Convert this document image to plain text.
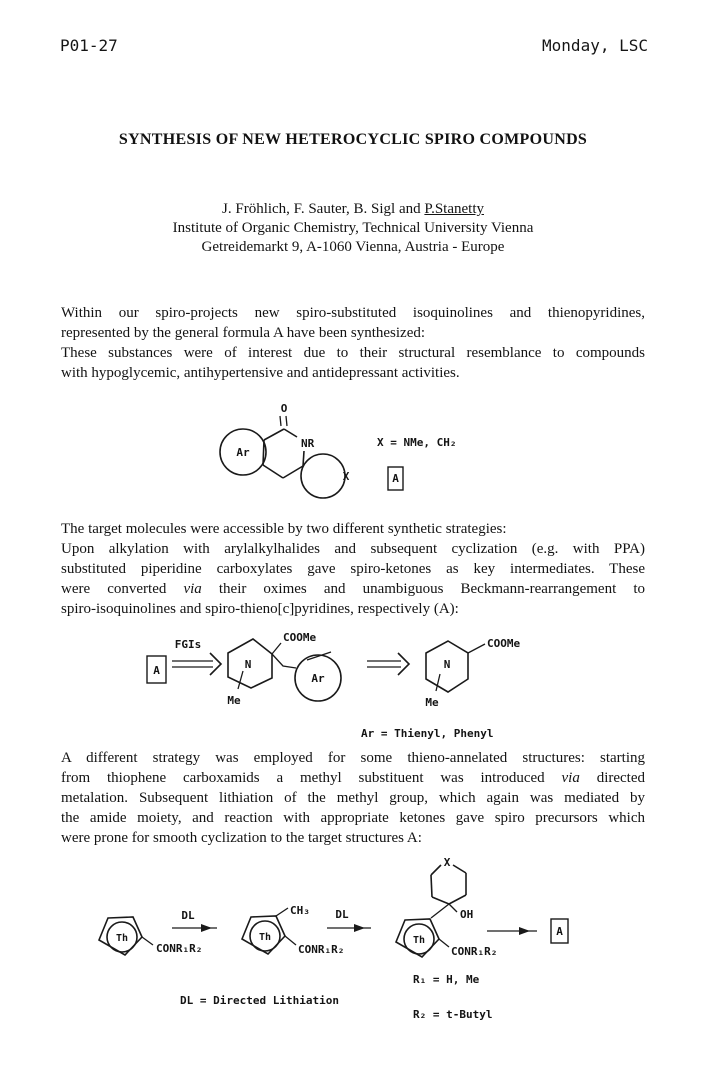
P01-27	Monday, LSC
SYNTHESIS OF NEW HETEROCYCLIC SPIRO COMPOUNDS
J. Fröhlich, F. Sauter, B. Sigl and P.Stanetty
Institute of Organic Chemistry, Technical University Vienna
Getreidemarkt 9, A-1060 Vienna, Austria - Europe
Within our spiro-projects new spiro-substituted isoquinolines and thienopyridines,
represented by the general formula A have been synthesized:
These substances were of interest due to their structural resemblance to compounds
with hypoglycemic, antihypertensive and antidepressant activities.
O
NR
Ar
X
X = NMe, CH₂
A
The target molecules were accessible by two different synthetic strategies:
Upon alkylation with arylalkylhalides and subsequent cyclization (e.g. with PPA)
substituted piperidine carboxylates gave spiro-ketones as key intermediates. These
were converted via their oximes and unambiguous Beckmann-rearrangement to
spiro-isoquinolines and spiro-thieno[c]pyridines, respectively (A):
A
FGIs
N
Me
COOMe
Ar
N
Me
COOMe
Ar = Thienyl, Phenyl
A different strategy was employed for some thieno-annelated structures: starting
from thiophene carboxamids a methyl substituent was introduced via directed
metalation. Subsequent lithiation of the methyl group, which again was mediated by
the amide moiety, and reaction with appropriate ketones gave spiro precursors which
were prone for smooth cyclization to the target structures A:
Th
CONR₁R₂
DL
Th
CH₃
CONR₁R₂
DL
X
OH
Th
CONR₁R₂
A
R₁ = H, Me
DL = Directed Lithiation
R₂ = t-Butyl
